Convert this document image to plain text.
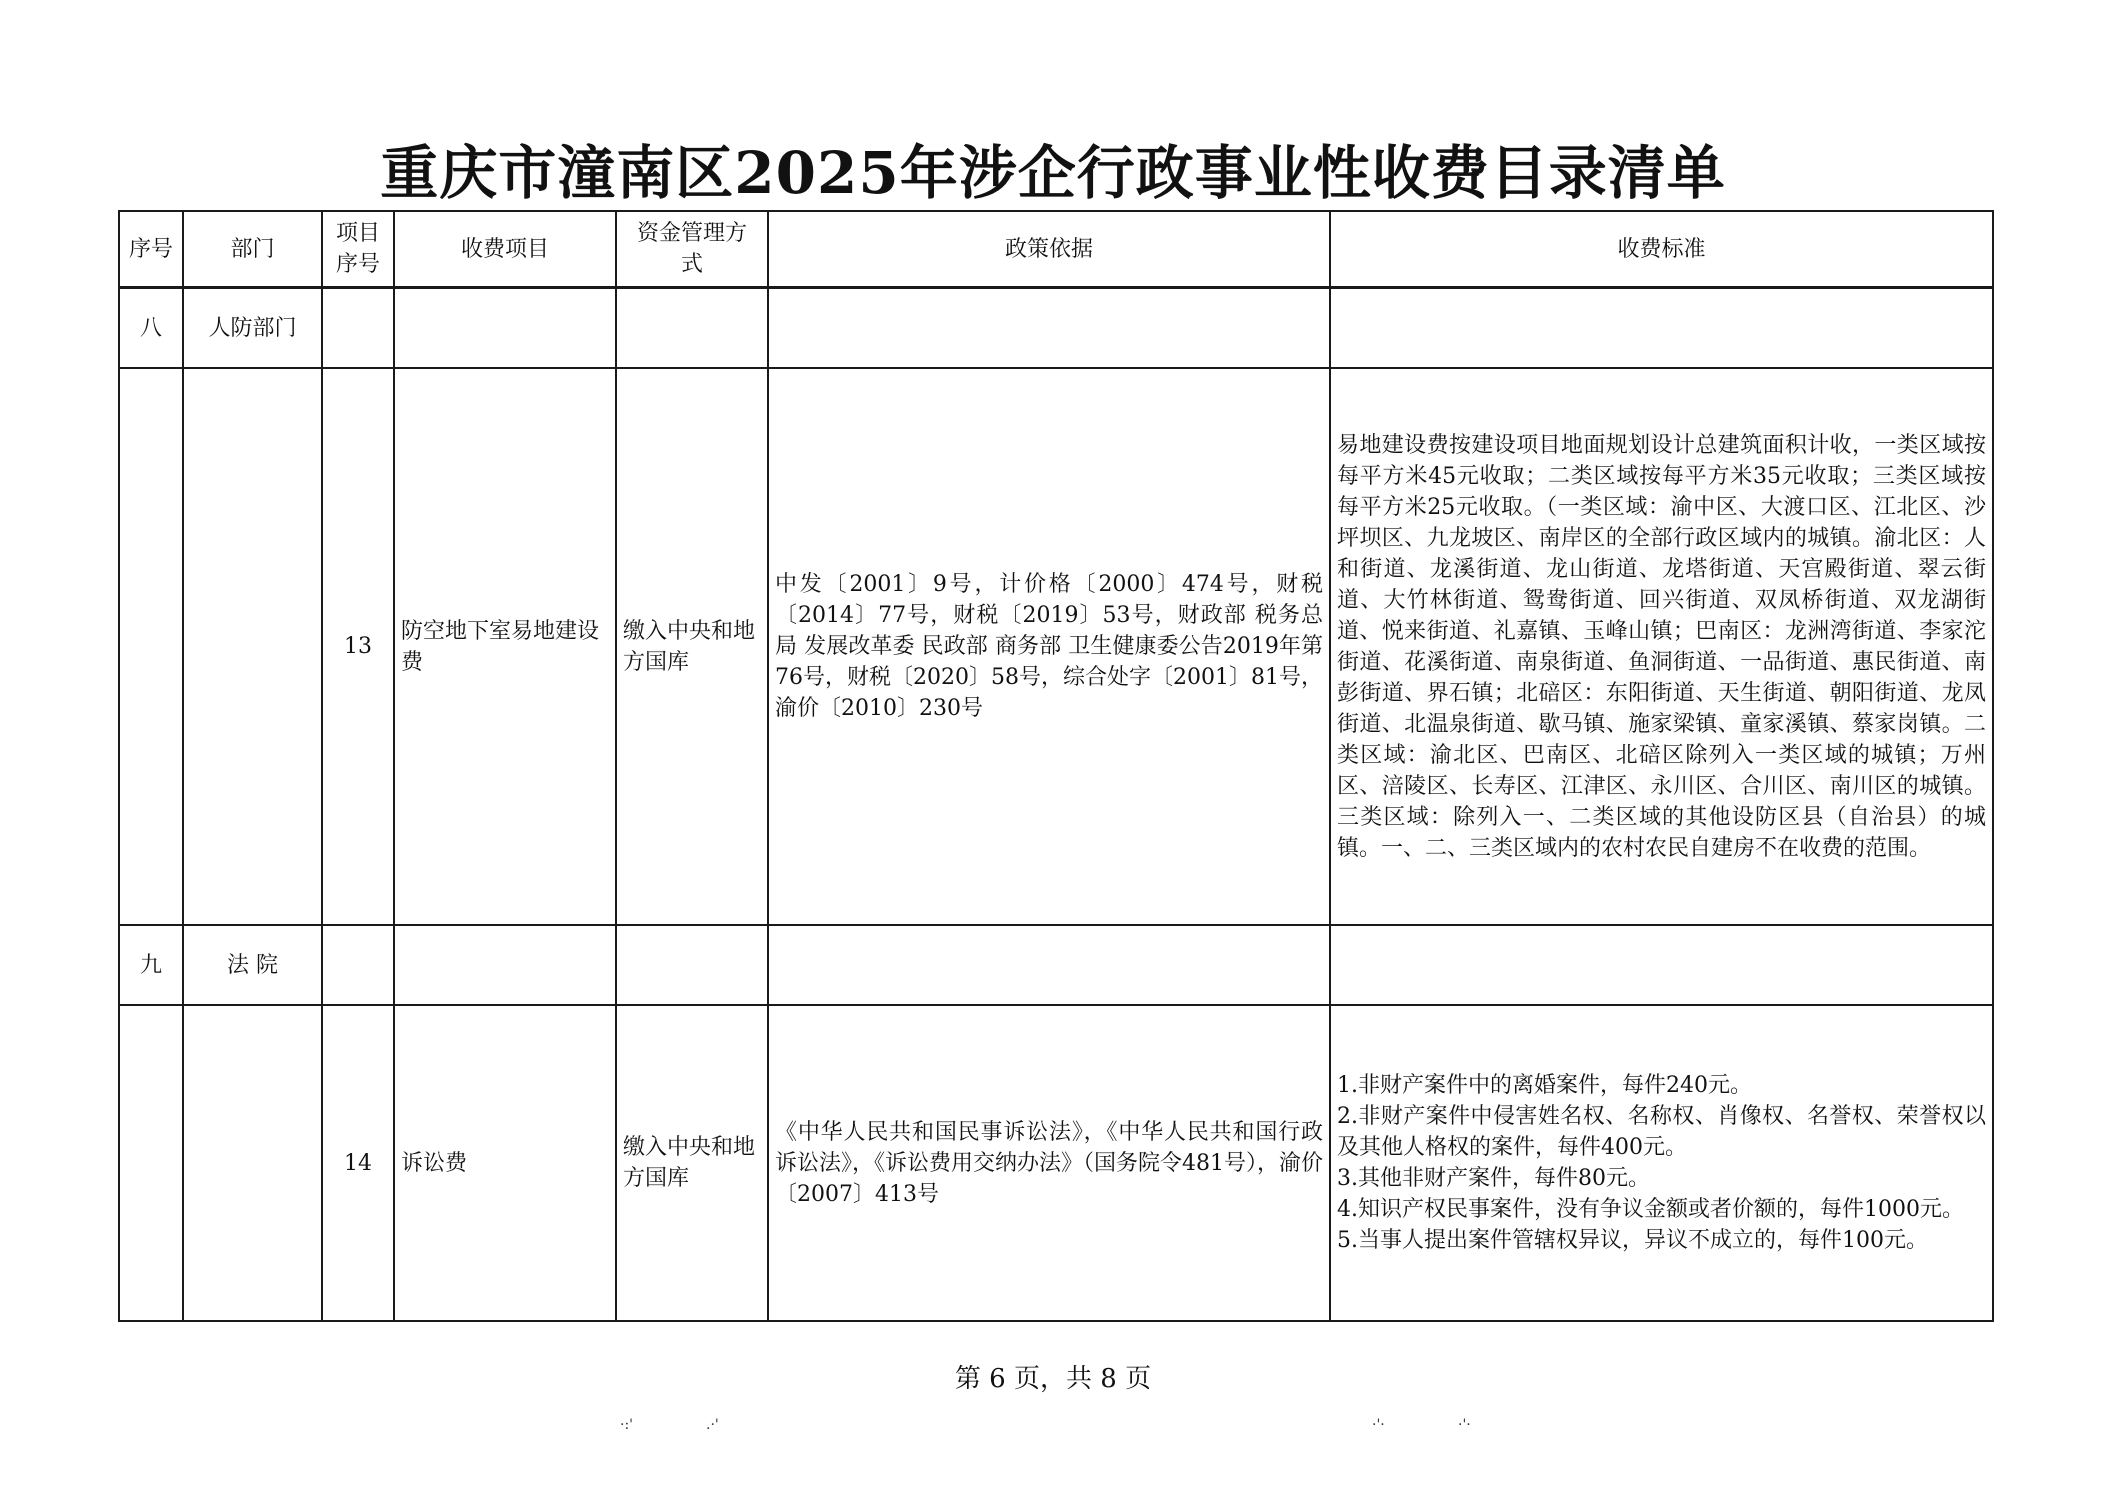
重庆市潼南区2025年涉企行政事业性收费目录清单
序号	部门	项目序号	收费项目	资金管理方式	政策依据	收费标准
八	人防部门					
		13	防空地下室易地建设费	缴入中央和地方国库	中发〔2001〕9号，计价格〔2000〕474号，财税〔2014〕77号，财税〔2019〕53号，财政部 税务总局 发展改革委 民政部 商务部 卫生健康委公告2019年第76号，财税〔2020〕58号，综合处字〔2001〕81号，渝价〔2010〕230号	易地建设费按建设项目地面规划设计总建筑面积计收，一类区域按每平方米45元收取；二类区域按每平方米35元收取；三类区域按每平方米25元收取。（一类区域：渝中区、大渡口区、江北区、沙坪坝区、九龙坡区、南岸区的全部行政区域内的城镇。渝北区：人和街道、龙溪街道、龙山街道、龙塔街道、天宫殿街道、翠云街道、大竹林街道、鸳鸯街道、回兴街道、双凤桥街道、双龙湖街道、悦来街道、礼嘉镇、玉峰山镇；巴南区：龙洲湾街道、李家沱街道、花溪街道、南泉街道、鱼洞街道、一品街道、惠民街道、南彭街道、界石镇；北碚区：东阳街道、天生街道、朝阳街道、龙凤街道、北温泉街道、歇马镇、施家梁镇、童家溪镇、蔡家岗镇。二类区域：渝北区、巴南区、北碚区除列入一类区域的城镇；万州区、涪陵区、长寿区、江津区、永川区、合川区、南川区的城镇。三类区域：除列入一、二类区域的其他设防区县（自治县）的城镇。一、二、三类区域内的农村农民自建房不在收费的范围。
九	法 院					
		14	诉讼费	缴入中央和地方国库	《中华人民共和国民事诉讼法》，《中华人民共和国行政诉讼法》，《诉讼费用交纳办法》（国务院令481号），渝价〔2007〕413号	1.非财产案件中的离婚案件，每件240元。
2.非财产案件中侵害姓名权、名称权、肖像权、名誉权、荣誉权以及其他人格权的案件，每件400元。
3.其他非财产案件，每件80元。
4.知识产权民事案件，没有争议金额或者价额的，每件1000元。
5.当事人提出案件管辖权异议，异议不成立的，每件100元。
第 6 页，共 8 页
·:'	.·'	·'·	·'·
